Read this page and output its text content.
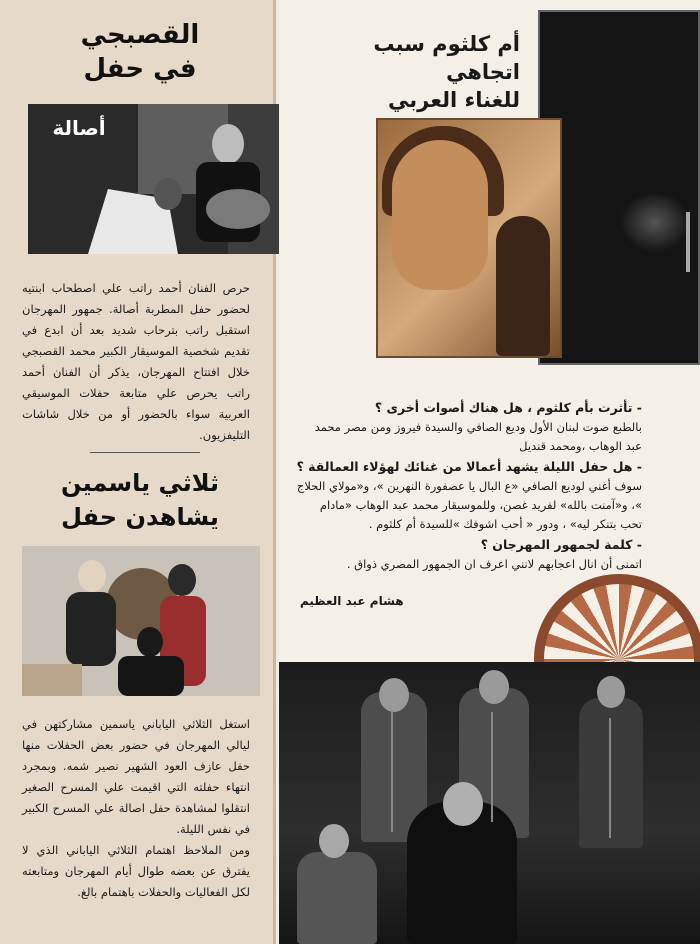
القصبجي
في حفل
أصالة

حرص الفنان أحمد راتب علي اصطحاب ابنتيه لحضور حفل المطربة أصالة. جمهور المهرجان استقبل راتب بترحاب شديد بعد أن ابدع في تقديم شخصية الموسيقار الكبير محمد القصبجي خلال افتتاح المهرجان، يذكر أن الفنان أحمد راتب يحرص علي متابعة حفلات الموسيقي العربية سواء بالحضور أو من خلال شاشات التليفزيون.

ثلاثي ياسمين
يشاهدن حفل

استغل الثلاثي الياباني ياسمين مشاركتهن في ليالي المهرجان في حضور بعض الحفلات منها حفل عازف العود الشهير نصير شمه. وبمجرد انتهاء حفلته التي اقيمت علي المسرح الصغير انتقلوا لمشاهدة حفل اصالة علي المسرح الكبير في نفس الليلة.

ومن الملاحظ اهتمام الثلاثي الياباني الذي لا يفترق عن بعضه طوال أيام المهرجان ومتابعته لكل الفعاليات والحفلات باهتمام بالغ.

أم كلثوم سبب اتجاهي
للغناء العربي

- تأثرت بأم كلثوم ، هل هناك أصوات أخرى ؟

بالطبع صوت لبنان الأول وديع الصافي والسيدة فيروز ومن مصر محمد عبد الوهاب ،ومحمد قنديل

- هل حفل الليلة يشهد أعمالا من غنائك لهؤلاء العمالقة ؟

سوف أغني لوديع الصافي «ع البال يا عصفورة النهرين »، و«مولاي الحلاج »، و«آمنت بالله» لفريد غصن، وللموسيقار محمد عبد الوهاب «مادام تحب بتنكر ليه» ، ودور « أحب اشوفك »للسيدة أم كلثوم .

- كلمة لجمهور المهرجان ؟

اتمنى أن انال اعجابهم لانني اعرف ان الجمهور المصري ذواق .

هشام عبد العظيم
